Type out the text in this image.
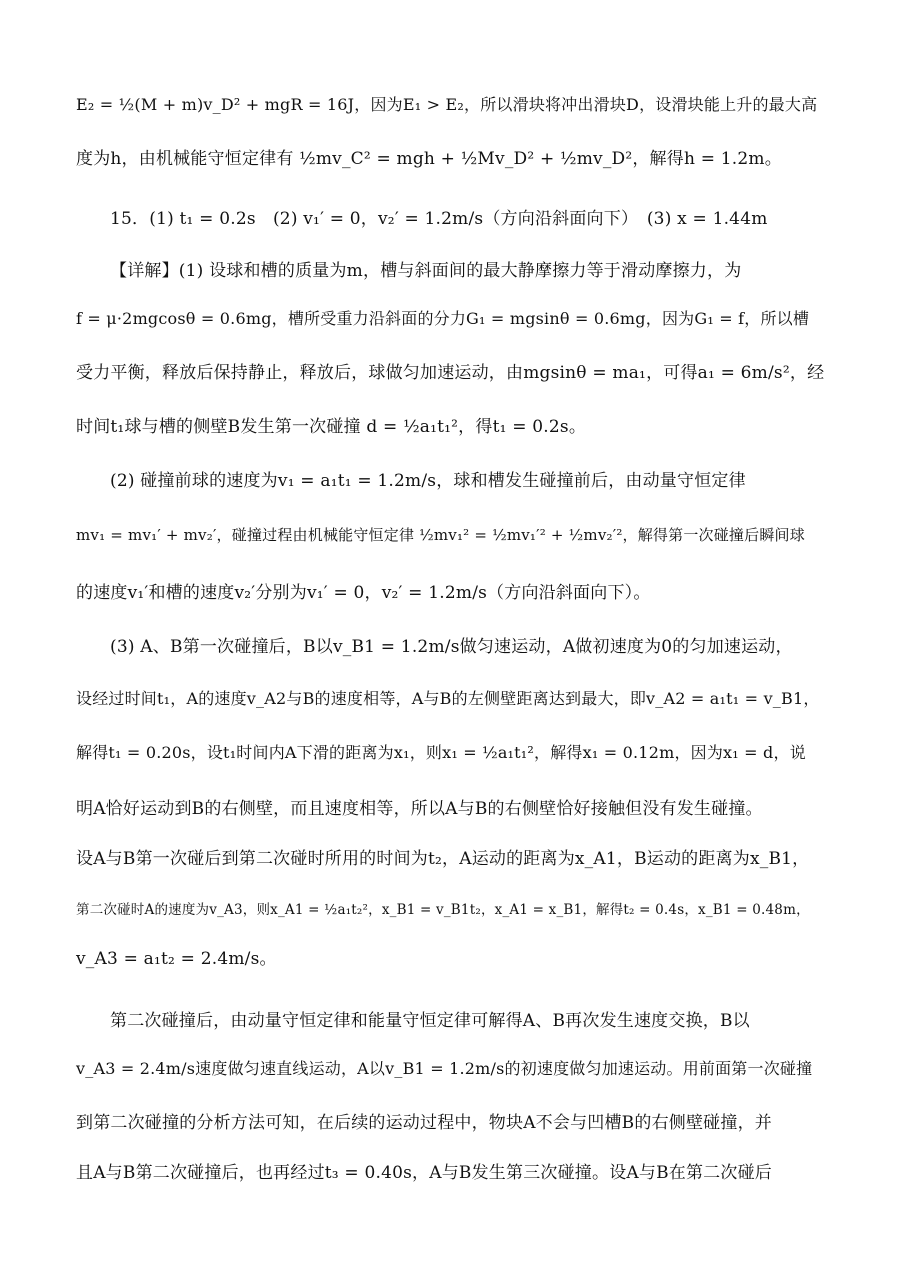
E₂ = ½(M + m)v_D² + mgR = 16J，因为E₁ > E₂，所以滑块将冲出滑块D，设滑块能上升的最大高
度为h，由机械能守恒定律有 ½mv_C² = mgh + ½Mv_D² + ½mv_D²，解得h = 1.2m。
15．(1) t₁ = 0.2s　(2) v₁′ = 0，v₂′ = 1.2m/s（方向沿斜面向下）　(3) x = 1.44m
【详解】(1) 设球和槽的质量为m，槽与斜面间的最大静摩擦力等于滑动摩擦力，为
f = μ·2mgcosθ = 0.6mg，槽所受重力沿斜面的分力G₁ = mgsinθ = 0.6mg，因为G₁ = f，所以槽
受力平衡，释放后保持静止，释放后，球做匀加速运动，由mgsinθ = ma₁，可得a₁ = 6m/s²，经
时间t₁球与槽的侧壁B发生第一次碰撞 d = ½a₁t₁²，得t₁ = 0.2s。
(2) 碰撞前球的速度为v₁ = a₁t₁ = 1.2m/s，球和槽发生碰撞前后，由动量守恒定律
mv₁ = mv₁′ + mv₂′，碰撞过程由机械能守恒定律 ½mv₁² = ½mv₁′² + ½mv₂′²，解得第一次碰撞后瞬间球
的速度v₁′和槽的速度v₂′分别为v₁′ = 0，v₂′ = 1.2m/s（方向沿斜面向下）。
(3) A、B第一次碰撞后，B以v_B1 = 1.2m/s做匀速运动，A做初速度为0的匀加速运动，
设经过时间t₁，A的速度v_A2与B的速度相等，A与B的左侧壁距离达到最大，即v_A2 = a₁t₁ = v_B1，
解得t₁ = 0.20s，设t₁时间内A下滑的距离为x₁，则x₁ = ½a₁t₁²，解得x₁ = 0.12m，因为x₁ = d，说
明A恰好运动到B的右侧壁，而且速度相等，所以A与B的右侧壁恰好接触但没有发生碰撞。
设A与B第一次碰后到第二次碰时所用的时间为t₂，A运动的距离为x_A1，B运动的距离为x_B1，
第二次碰时A的速度为v_A3，则x_A1 = ½a₁t₂²，x_B1 = v_B1t₂，x_A1 = x_B1，解得t₂ = 0.4s，x_B1 = 0.48m，
v_A3 = a₁t₂ = 2.4m/s。
第二次碰撞后，由动量守恒定律和能量守恒定律可解得A、B再次发生速度交换，B以
v_A3 = 2.4m/s速度做匀速直线运动，A以v_B1 = 1.2m/s的初速度做匀加速运动。用前面第一次碰撞
到第二次碰撞的分析方法可知，在后续的运动过程中，物块A不会与凹槽B的右侧壁碰撞，并
且A与B第二次碰撞后，也再经过t₃ = 0.40s，A与B发生第三次碰撞。设A与B在第二次碰后
